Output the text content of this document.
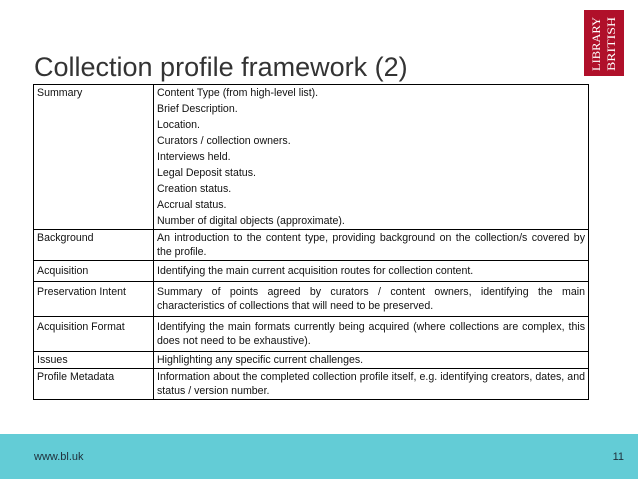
LIBRARY BRITISH
Collection profile framework (2)
Summary	Content Type (from high-level list).
	Brief Description.
	Location.
	Curators / collection owners.
	Interviews held.
	Legal Deposit status.
	Creation status.
	Accrual status.
	Number of digital objects (approximate).
Background	An introduction to the content type, providing background on the collection/s covered by the profile.
Acquisition	Identifying the main current acquisition routes for collection content.
Preservation Intent	Summary of points agreed by curators / content owners, identifying the main characteristics of collections that will need to be preserved.
Acquisition Format	Identifying the main formats currently being acquired (where collections are complex, this does not need to be exhaustive).
Issues	Highlighting any specific current challenges.
Profile Metadata	Information about the completed collection profile itself, e.g. identifying creators, dates, and status / version number.
www.bl.uk	11
